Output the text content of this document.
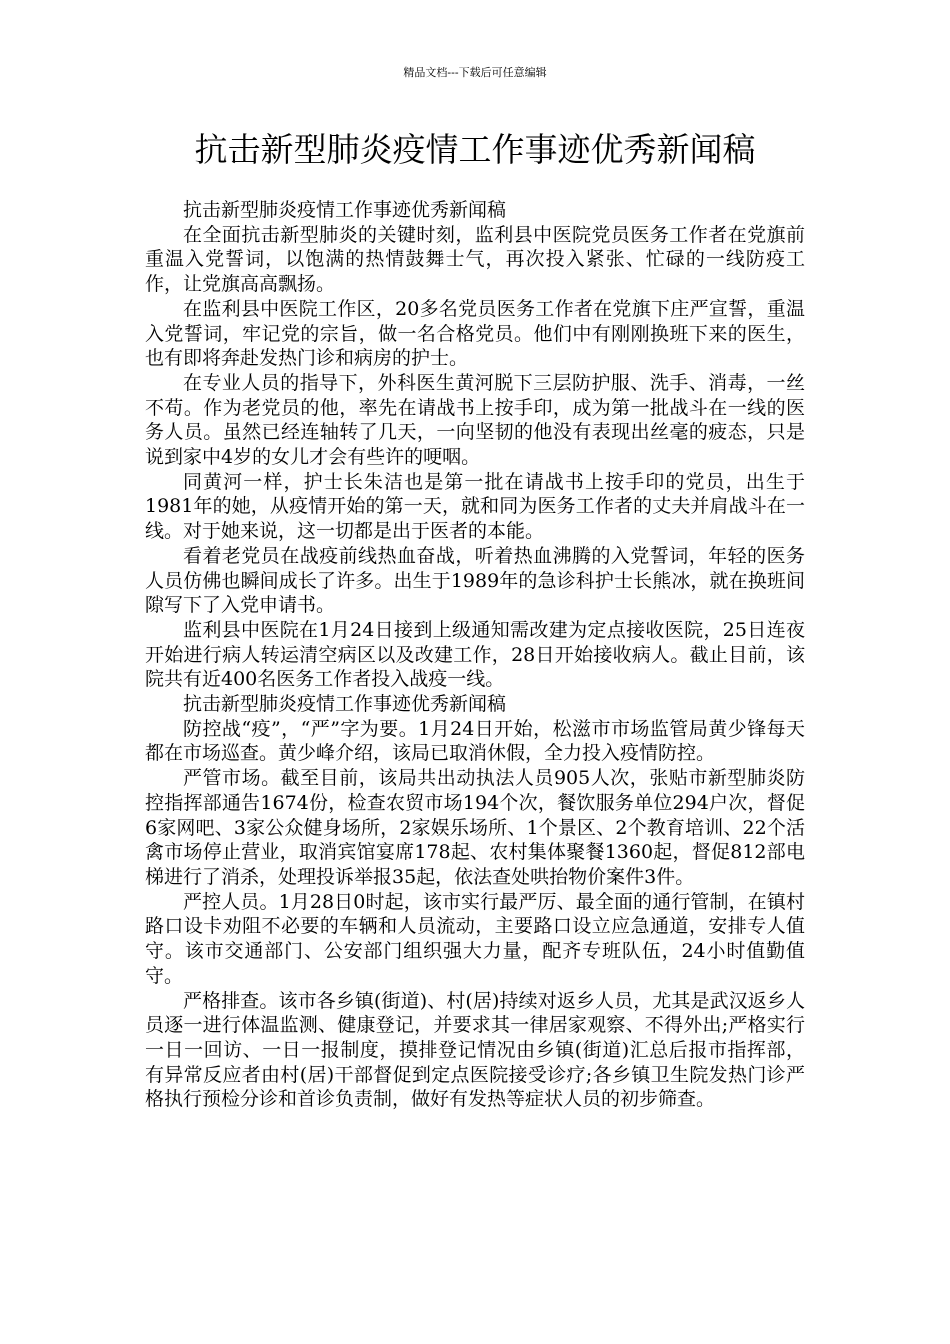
精品文档---下载后可任意编辑
抗击新型肺炎疫情工作事迹优秀新闻稿

抗击新型肺炎疫情工作事迹优秀新闻稿

在全面抗击新型肺炎的关键时刻，监利县中医院党员医务工作者在党旗前重温入党誓词，以饱满的热情鼓舞士气，再次投入紧张、忙碌的一线防疫工作，让党旗高高飘扬。

在监利县中医院工作区，20多名党员医务工作者在党旗下庄严宣誓，重温入党誓词，牢记党的宗旨，做一名合格党员。他们中有刚刚换班下来的医生，也有即将奔赴发热门诊和病房的护士。

在专业人员的指导下，外科医生黄河脱下三层防护服、洗手、消毒，一丝不苟。作为老党员的他，率先在请战书上按手印，成为第一批战斗在一线的医务人员。虽然已经连轴转了几天，一向坚韧的他没有表现出丝毫的疲态，只是说到家中4岁的女儿才会有些许的哽咽。

同黄河一样，护士长朱洁也是第一批在请战书上按手印的党员，出生于1981年的她，从疫情开始的第一天，就和同为医务工作者的丈夫并肩战斗在一线。对于她来说，这一切都是出于医者的本能。

看着老党员在战疫前线热血奋战，听着热血沸腾的入党誓词，年轻的医务人员仿佛也瞬间成长了许多。出生于1989年的急诊科护士长熊冰，就在换班间隙写下了入党申请书。

监利县中医院在1月24日接到上级通知需改建为定点接收医院，25日连夜开始进行病人转运清空病区以及改建工作，28日开始接收病人。截止目前，该院共有近400名医务工作者投入战疫一线。

抗击新型肺炎疫情工作事迹优秀新闻稿

防控战“疫”，“严”字为要。1月24日开始，松滋市市场监管局黄少锋每天都在市场巡查。黄少峰介绍，该局已取消休假，全力投入疫情防控。

严管市场。截至目前，该局共出动执法人员905人次，张贴市新型肺炎防控指挥部通告1674份，检查农贸市场194个次，餐饮服务单位294户次，督促6家网吧、3家公众健身场所，2家娱乐场所、1个景区、2个教育培训、22个活禽市场停止营业，取消宾馆宴席178起、农村集体聚餐1360起，督促812部电梯进行了消杀，处理投诉举报35起，依法查处哄抬物价案件3件。

严控人员。1月28日0时起，该市实行最严厉、最全面的通行管制，在镇村路口设卡劝阻不必要的车辆和人员流动，主要路口设立应急通道，安排专人值守。该市交通部门、公安部门组织强大力量，配齐专班队伍，24小时值勤值守。

严格排查。该市各乡镇(街道)、村(居)持续对返乡人员，尤其是武汉返乡人员逐一进行体温监测、健康登记，并要求其一律居家观察、不得外出;严格实行一日一回访、一日一报制度，摸排登记情况由乡镇(街道)汇总后报市指挥部，有异常反应者由村(居)干部督促到定点医院接受诊疗;各乡镇卫生院发热门诊严格执行预检分诊和首诊负责制，做好有发热等症状人员的初步筛查。
